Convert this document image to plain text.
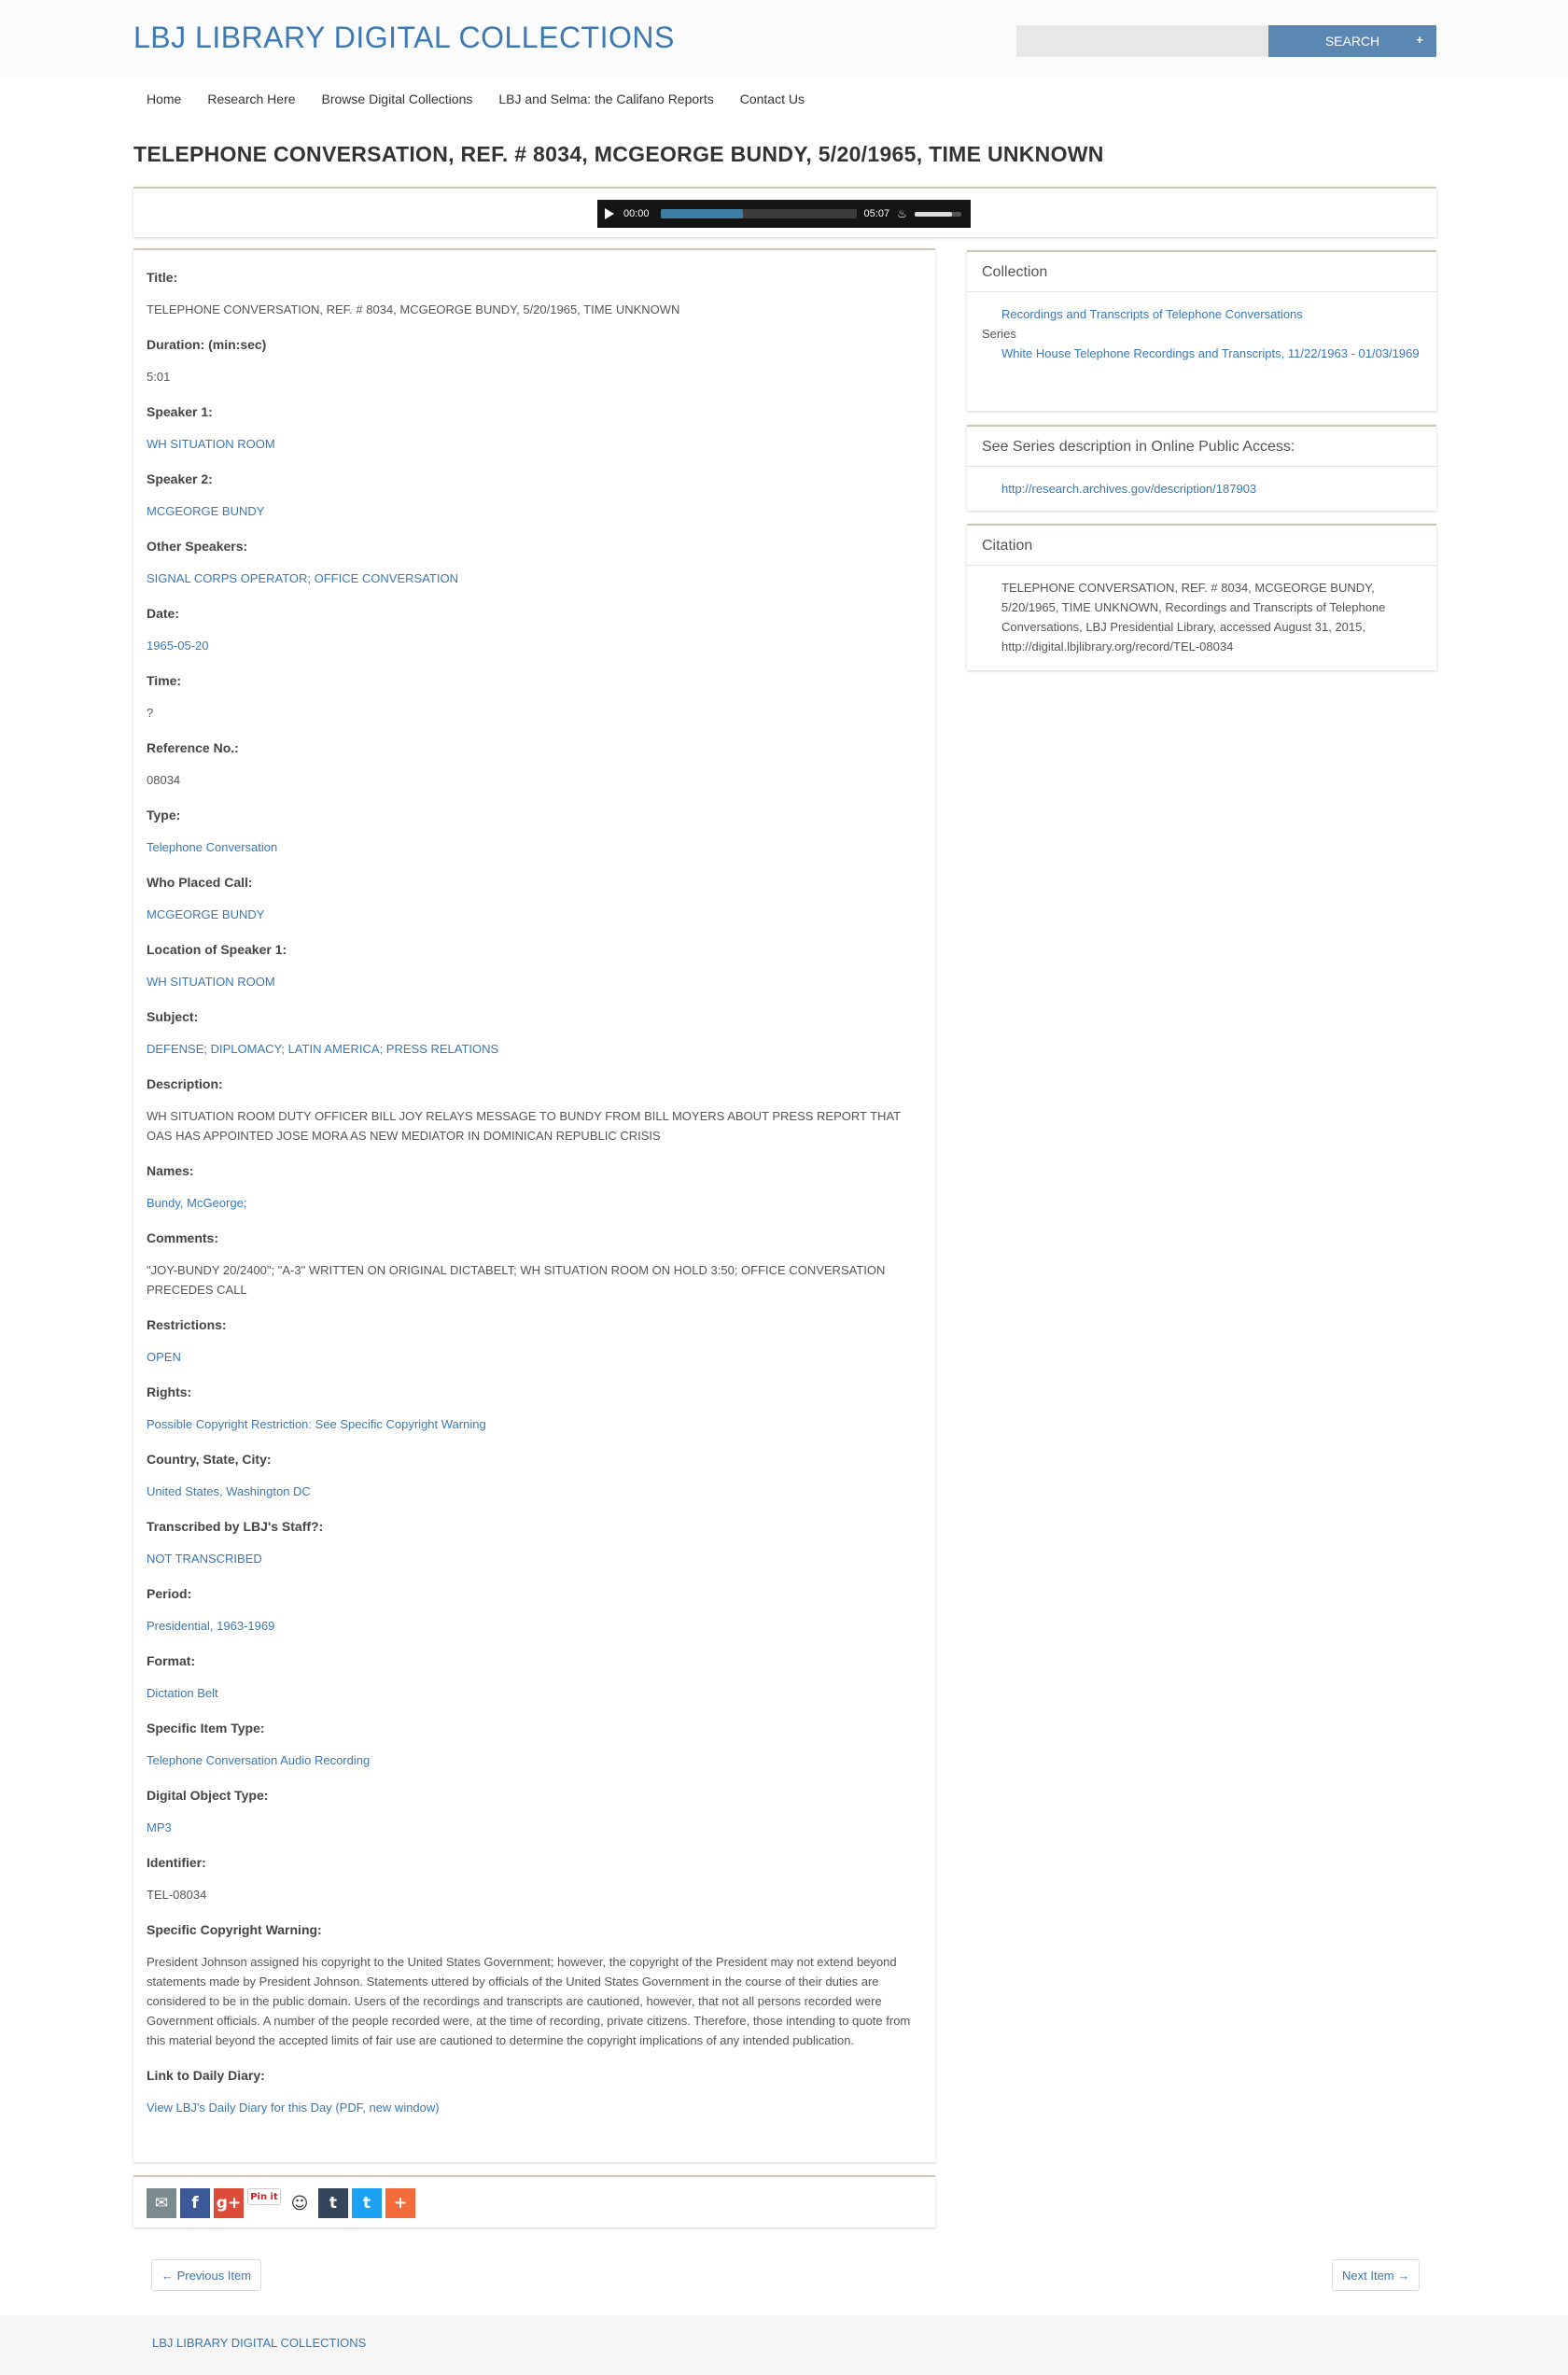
LBJ LIBRARY DIGITAL COLLECTIONS	SEARCH	+
Home	Research Here	Browse Digital Collections	LBJ and Selma: the Califano Reports	Contact Us
TELEPHONE CONVERSATION, REF. # 8034, MCGEORGE BUNDY, 5/20/1965, TIME UNKNOWN
00:00	05:07 ♨
Title:
TELEPHONE CONVERSATION, REF. # 8034, MCGEORGE BUNDY, 5/20/1965, TIME UNKNOWN
Duration: (min:sec)
5:01
Speaker 1:
WH SITUATION ROOM
Speaker 2:
MCGEORGE BUNDY
Other Speakers:
SIGNAL CORPS OPERATOR; OFFICE CONVERSATION
Date:
1965-05-20
Time:
?
Reference No.:
08034
Type:
Telephone Conversation
Who Placed Call:
MCGEORGE BUNDY
Location of Speaker 1:
WH SITUATION ROOM
Subject:
DEFENSE; DIPLOMACY; LATIN AMERICA; PRESS RELATIONS
Description:
WH SITUATION ROOM DUTY OFFICER BILL JOY RELAYS MESSAGE TO BUNDY FROM BILL MOYERS ABOUT PRESS REPORT THAT OAS HAS APPOINTED JOSE MORA AS NEW MEDIATOR IN DOMINICAN REPUBLIC CRISIS
Names:
Bundy, McGeorge;
Comments:
"JOY-BUNDY 20/2400"; "A-3" WRITTEN ON ORIGINAL DICTABELT; WH SITUATION ROOM ON HOLD 3:50; OFFICE CONVERSATION PRECEDES CALL
Restrictions:
OPEN
Rights:
Possible Copyright Restriction: See Specific Copyright Warning
Country, State, City:
United States, Washington DC
Transcribed by LBJ's Staff?:
NOT TRANSCRIBED
Period:
Presidential, 1963-1969
Format:
Dictation Belt
Specific Item Type:
Telephone Conversation Audio Recording
Digital Object Type:
MP3
Identifier:
TEL-08034
Specific Copyright Warning:
President Johnson assigned his copyright to the United States Government; however, the copyright of the President may not extend beyond statements made by President Johnson. Statements uttered by officials of the United States Government in the course of their duties are considered to be in the public domain. Users of the recordings and transcripts are cautioned, however, that not all persons recorded were Government officials. A number of the people recorded were, at the time of recording, private citizens. Therefore, those intending to quote from this material beyond the accepted limits of fair use are cautioned to determine the copyright implications of any intended publication.
Link to Daily Diary:
View LBJ's Daily Diary for this Day (PDF, new window)
✉	f	g+	Pin it ☺	t	t	+
← Previous Item	Next Item →
Collection
Recordings and Transcripts of Telephone Conversations
Series
White House Telephone Recordings and Transcripts, 11/22/1963 - 01/03/1969
See Series description in Online Public Access:
http://research.archives.gov/description/187903
Citation
TELEPHONE CONVERSATION, REF. # 8034, MCGEORGE BUNDY, 5/20/1965, TIME UNKNOWN, Recordings and Transcripts of Telephone Conversations, LBJ Presidential Library, accessed August 31, 2015, http://digital.lbjlibrary.org/record/TEL-08034
LBJ LIBRARY DIGITAL COLLECTIONS
